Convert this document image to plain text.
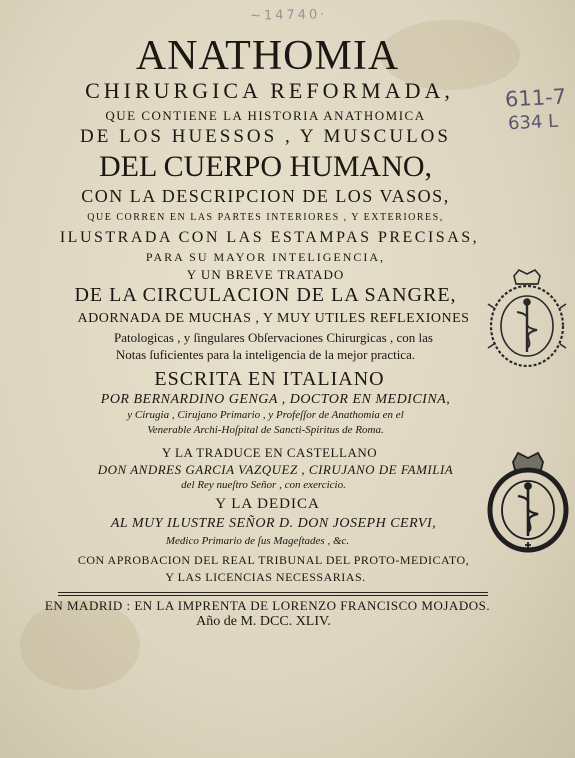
~14740·
611-7
634 L
ANATHOMIA
CHIRURGICA REFORMADA,
QUE CONTIENE LA HISTORIA ANATHOMICA
DE LOS HUESSOS , Y MUSCULOS
DEL CUERPO HUMANO,
CON LA DESCRIPCION DE LOS VASOS,
QUE CORREN EN LAS PARTES INTERIORES , Y EXTERIORES,
ILUSTRADA CON LAS ESTAMPAS PRECISAS,
PARA SU MAYOR INTELIGENCIA,
Y UN BREVE TRATADO
DE LA CIRCULACION DE LA SANGRE,
ADORNADA DE MUCHAS , Y MUY UTILES REFLEXIONES
Patologicas , y ſingulares Obſervaciones Chirurgicas , con las
Notas ſuficientes para la inteligencia de la mejor practica.
ESCRITA EN ITALIANO
POR BERNARDINO GENGA , DOCTOR EN MEDICINA,
y Cirugia , Cirujano Primario , y Profeſſor de Anathomia en el
Venerable Archi-Hoſpital de Sancti-Spiritus de Roma.
Y LA TRADUCE EN CASTELLANO
DON ANDRES GARCIA VAZQUEZ , CIRUJANO DE FAMILIA
del Rey nueſtro Señor , con exercicio.
Y LA DEDICA
AL MUY ILUSTRE SEÑOR D. DON JOSEPH CERVI,
Medico Primario de ſus Mageſtades , &c.
CON APROBACION DEL REAL TRIBUNAL DEL PROTO-MEDICATO,
Y LAS LICENCIAS NECESSARIAS.
EN MADRID : EN LA IMPRENTA DE LORENZO FRANCISCO MOJADOS.
Año de M. DCC. XLIV.
